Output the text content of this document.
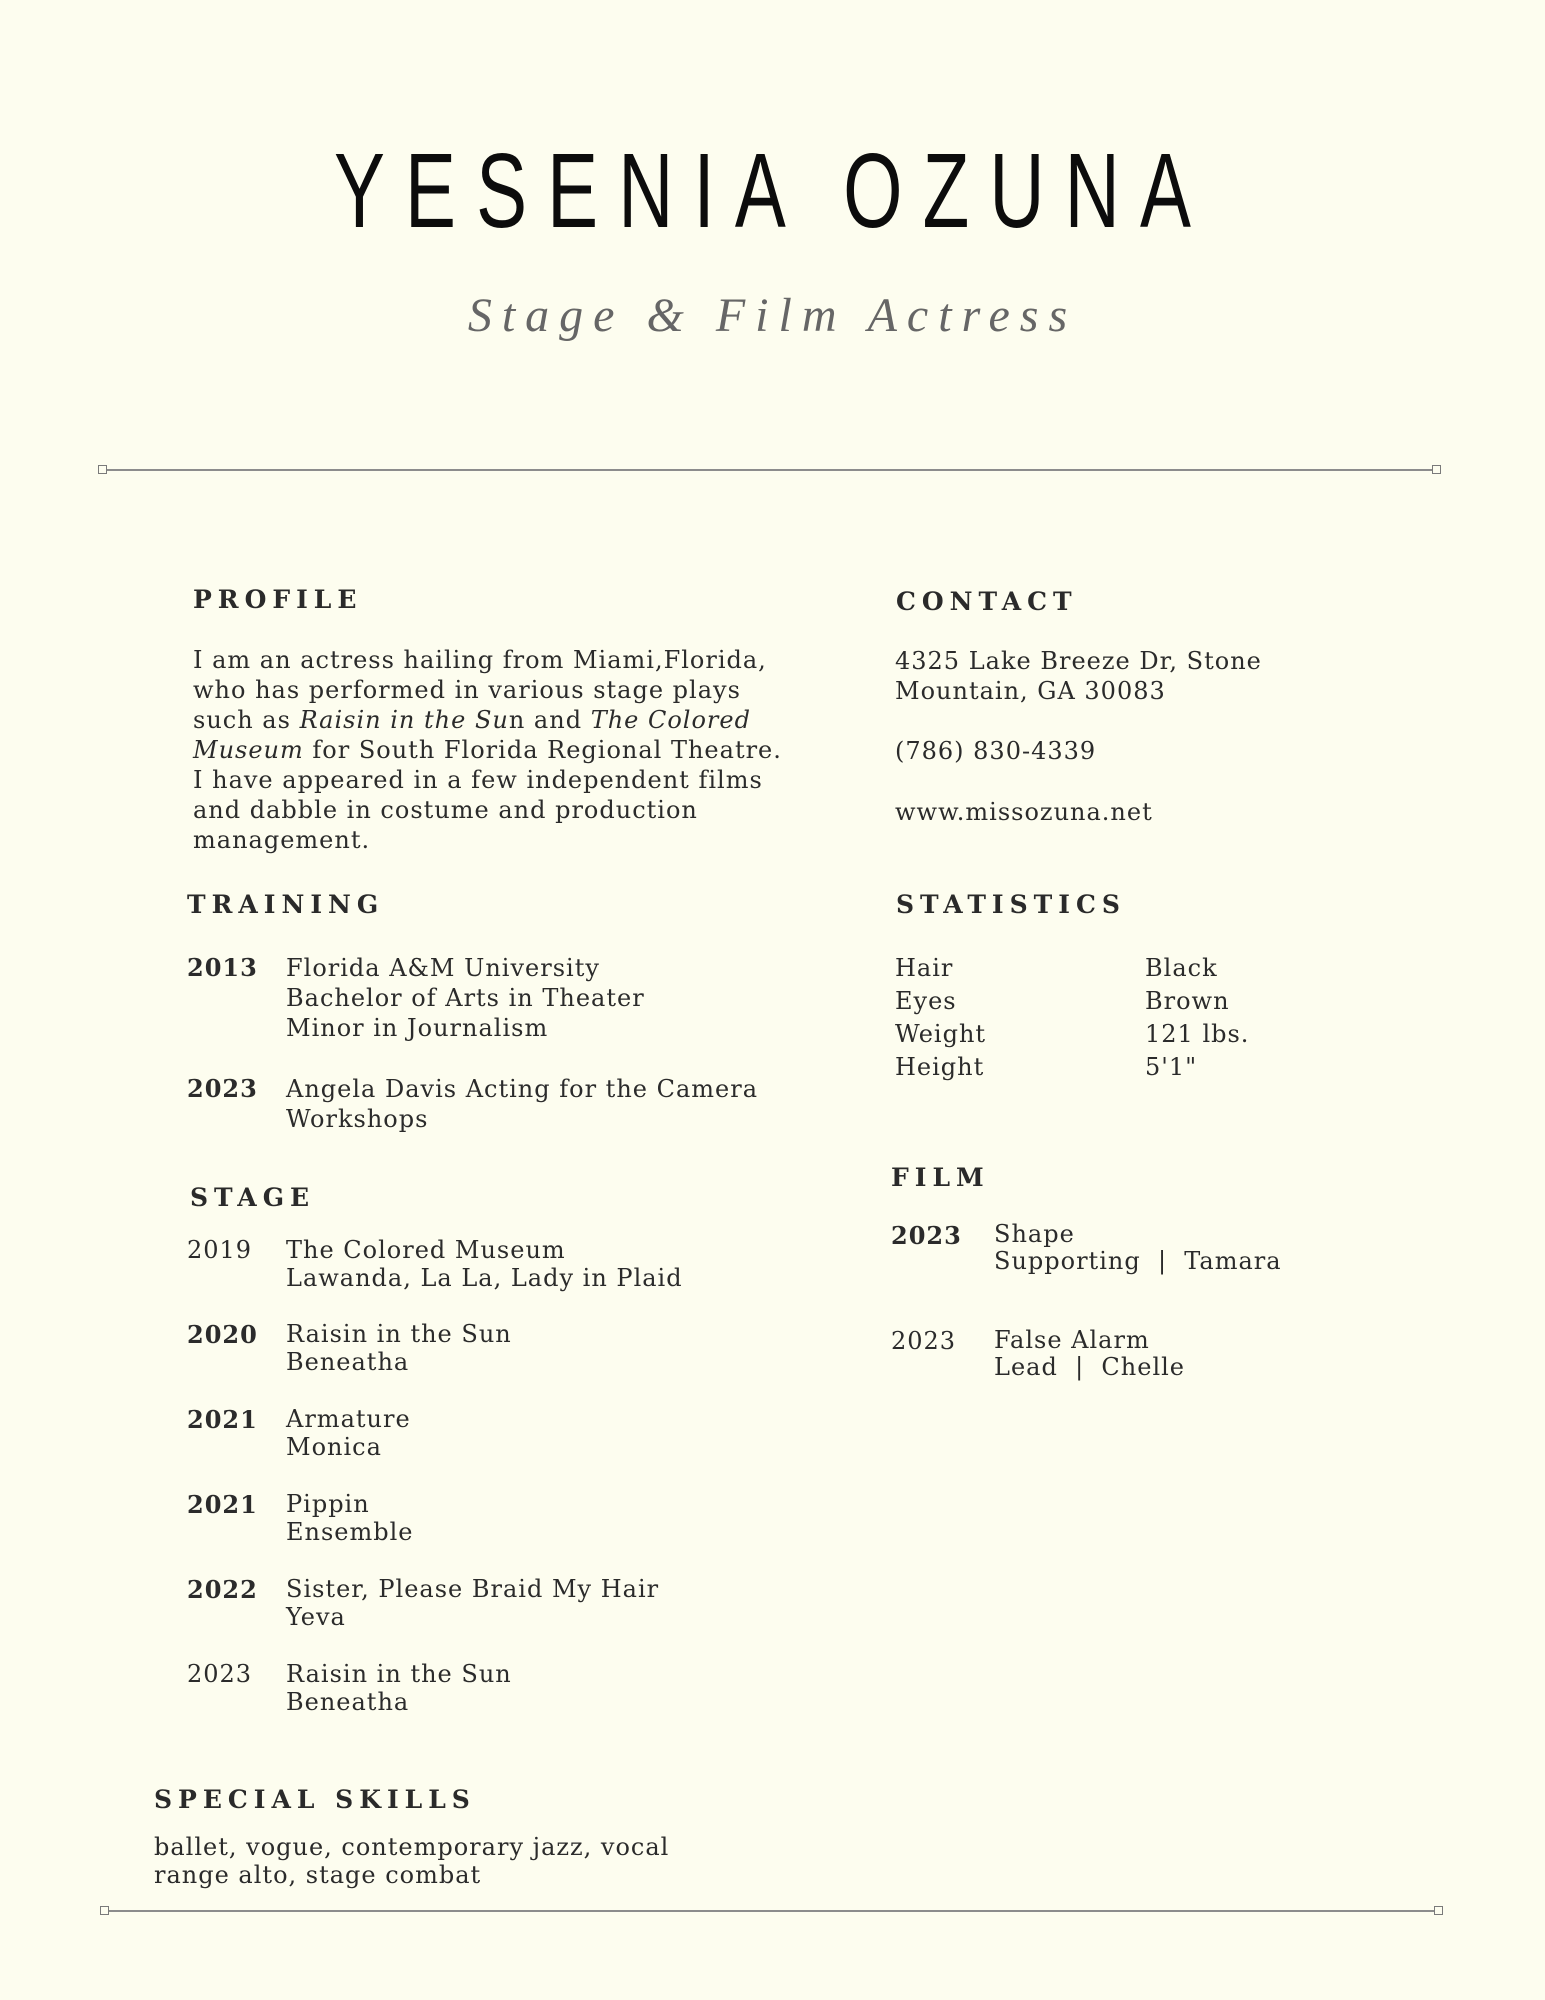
YESENIA OZUNA
Stage & Film Actress
PROFILE
I am an actress hailing from Miami,Florida, who has performed in various stage plays such as Raisin in the Sun and The Colored Museum for South Florida Regional Theatre. I have appeared in a few independent films and dabble in costume and production management.
TRAINING
2013 Florida A&M University
Bachelor of Arts in Theater
Minor in Journalism
2023 Angela Davis Acting for the Camera
Workshops
STAGE
2019 The Colored Museum
Lawanda, La La, Lady in Plaid
2020 Raisin in the Sun
Beneatha
2021 Armature
Monica
2021 Pippin
Ensemble
2022 Sister, Please Braid My Hair
Yeva
2023 Raisin in the Sun
Beneatha
SPECIAL SKILLS
ballet, vogue, contemporary jazz, vocal
range alto, stage combat
CONTACT
4325 Lake Breeze Dr, Stone
Mountain, GA 30083
(786) 830-4339
www.missozuna.net
STATISTICS
Hair	Black
Eyes	Brown
Weight	121 lbs.
Height	5'1"
FILM
2023 Shape
Supporting  |  Tamara
2023 False Alarm
Lead  |  Chelle
